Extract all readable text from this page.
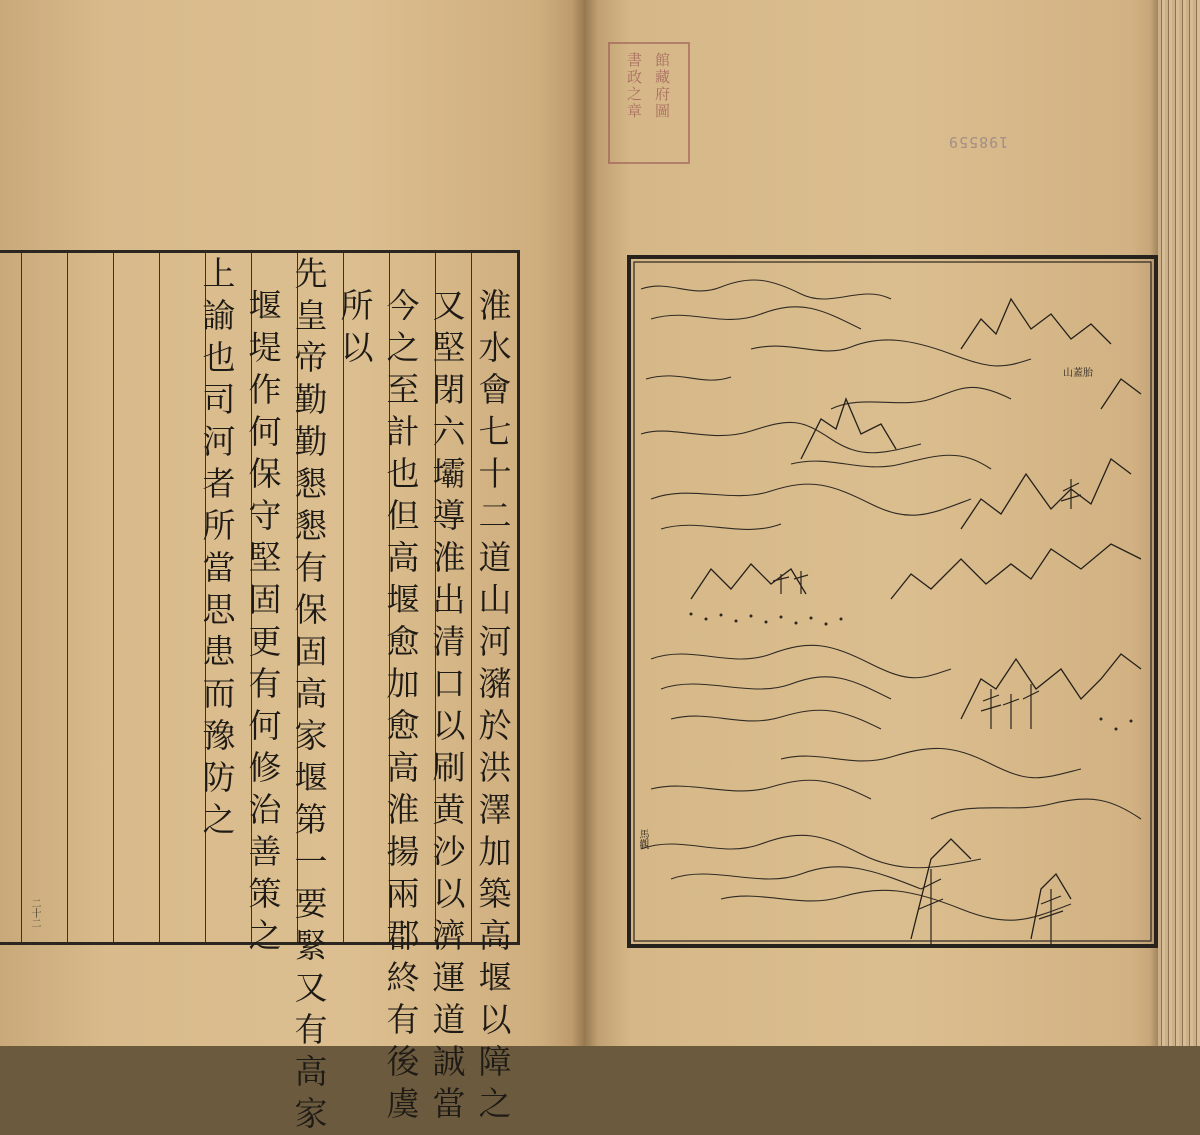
淮
水
會
七
十
二
道
山
河
瀦
於
洪
澤
加
築
高
堰
以
障
之
又
堅
閉
六
壩
導
淮
出
清
口
以
刷
黄
沙
以
濟
運
道
誠
當
今
之
至
計
也
但
高
堰
愈
加
愈
高
淮
揚
兩
郡
終
有
後
虞
所
以
先
皇
帝
勤
勤
懇
懇
有
保
固
高
家
堰
第
一
要
緊
又
有
高
家
堰
堤
作
何
保
守
堅
固
更
有
何
修
治
善
策
之
上
諭
也
司
河
者
所
當
思
患
而
豫
防
之
二十二
館藏府圖
書政之章
198559
山蓋胎
馬觀
